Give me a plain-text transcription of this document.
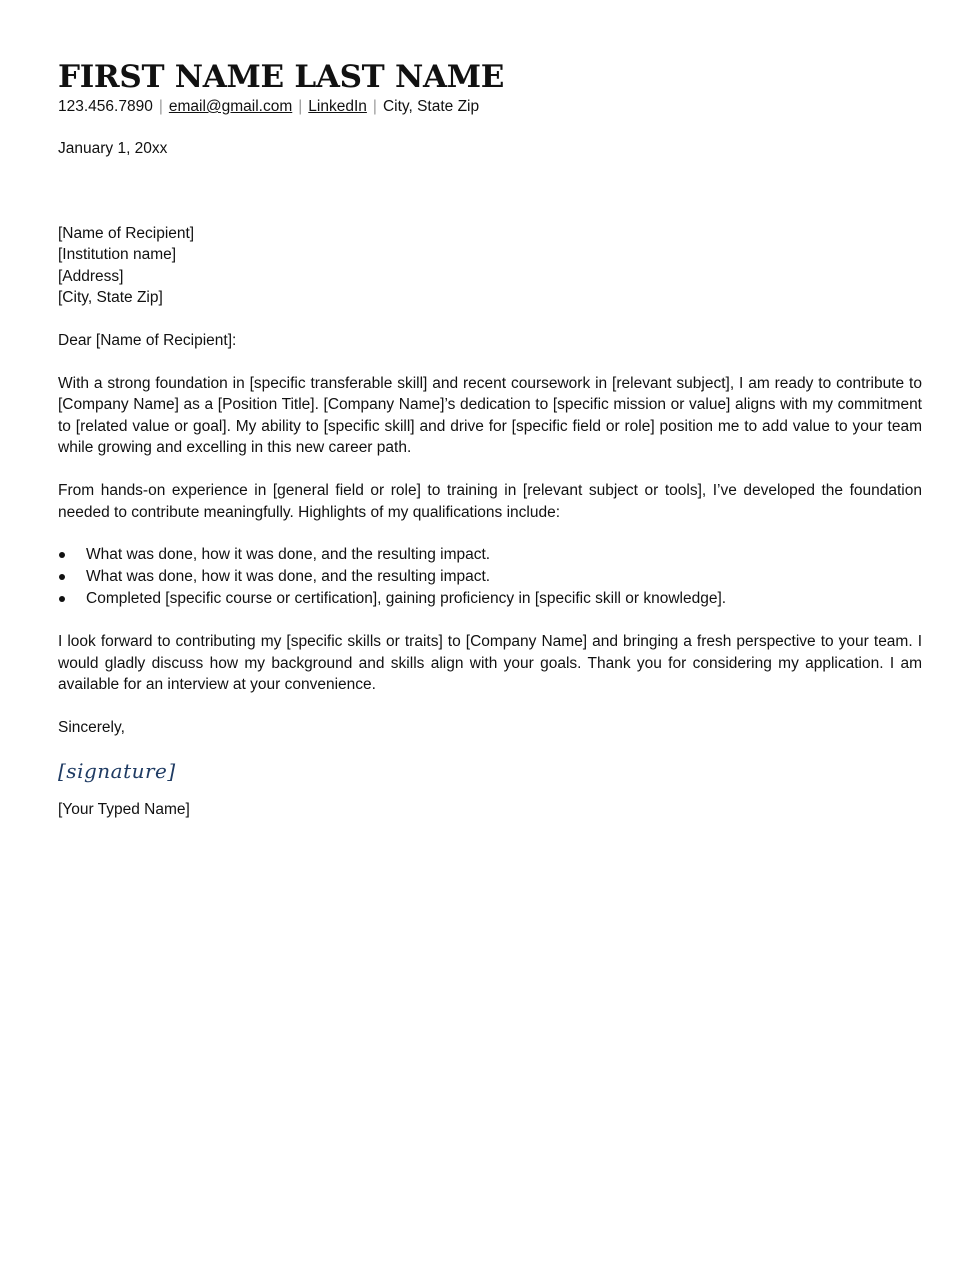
FIRST NAME LAST NAME
123.456.7890 | email@gmail.com | LinkedIn | City, State Zip
January 1, 20xx
[Name of Recipient]
[Institution name]
[Address]
[City, State Zip]
Dear [Name of Recipient]:
With a strong foundation in [specific transferable skill] and recent coursework in [relevant subject], I am ready to contribute to [Company Name] as a [Position Title]. [Company Name]’s dedication to [specific mission or value] aligns with my commitment to [related value or goal]. My ability to [specific skill] and drive for [specific field or role] position me to add value to your team while growing and excelling in this new career path.
From hands-on experience in [general field or role] to training in [relevant subject or tools], I’ve developed the foundation needed to contribute meaningfully. Highlights of my qualifications include:
What was done, how it was done, and the resulting impact.
What was done, how it was done, and the resulting impact.
Completed [specific course or certification], gaining proficiency in [specific skill or knowledge].
I look forward to contributing my [specific skills or traits] to [Company Name] and bringing a fresh perspective to your team. I would gladly discuss how my background and skills align with your goals. Thank you for considering my application. I am available for an interview at your convenience.
Sincerely,
[signature]
[Your Typed Name]
